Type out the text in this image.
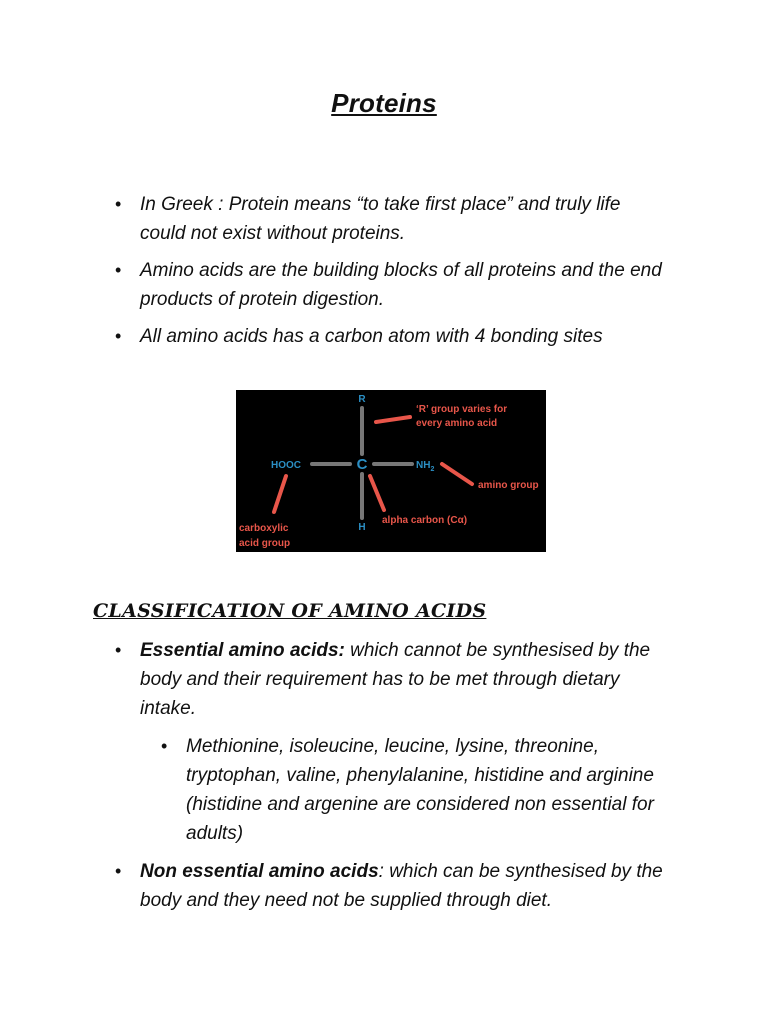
Proteins
• In Greek : Protein means “to take first place” and truly life could not exist without proteins.
• Amino acids are the building blocks of all proteins and the end products of protein digestion.
• All amino acids has a carbon atom with 4 bonding sites
C
R
H
HOOC	$NH_2$
‘R’ group varies for
every amino acid
amino group
alpha carbon (Cα)
carboxylic
acid group
CLASSIFICATION OF AMINO ACIDS
• Essential amino acids: which cannot be synthesised by the body and their requirement has to be met through dietary intake.
• Methionine, isoleucine, leucine, lysine, threonine, tryptophan, valine, phenylalanine, histidine and arginine (histidine and argenine are considered non essential for adults)
• Non essential amino acids: which can be synthesised by the body and they need not be supplied through diet.
